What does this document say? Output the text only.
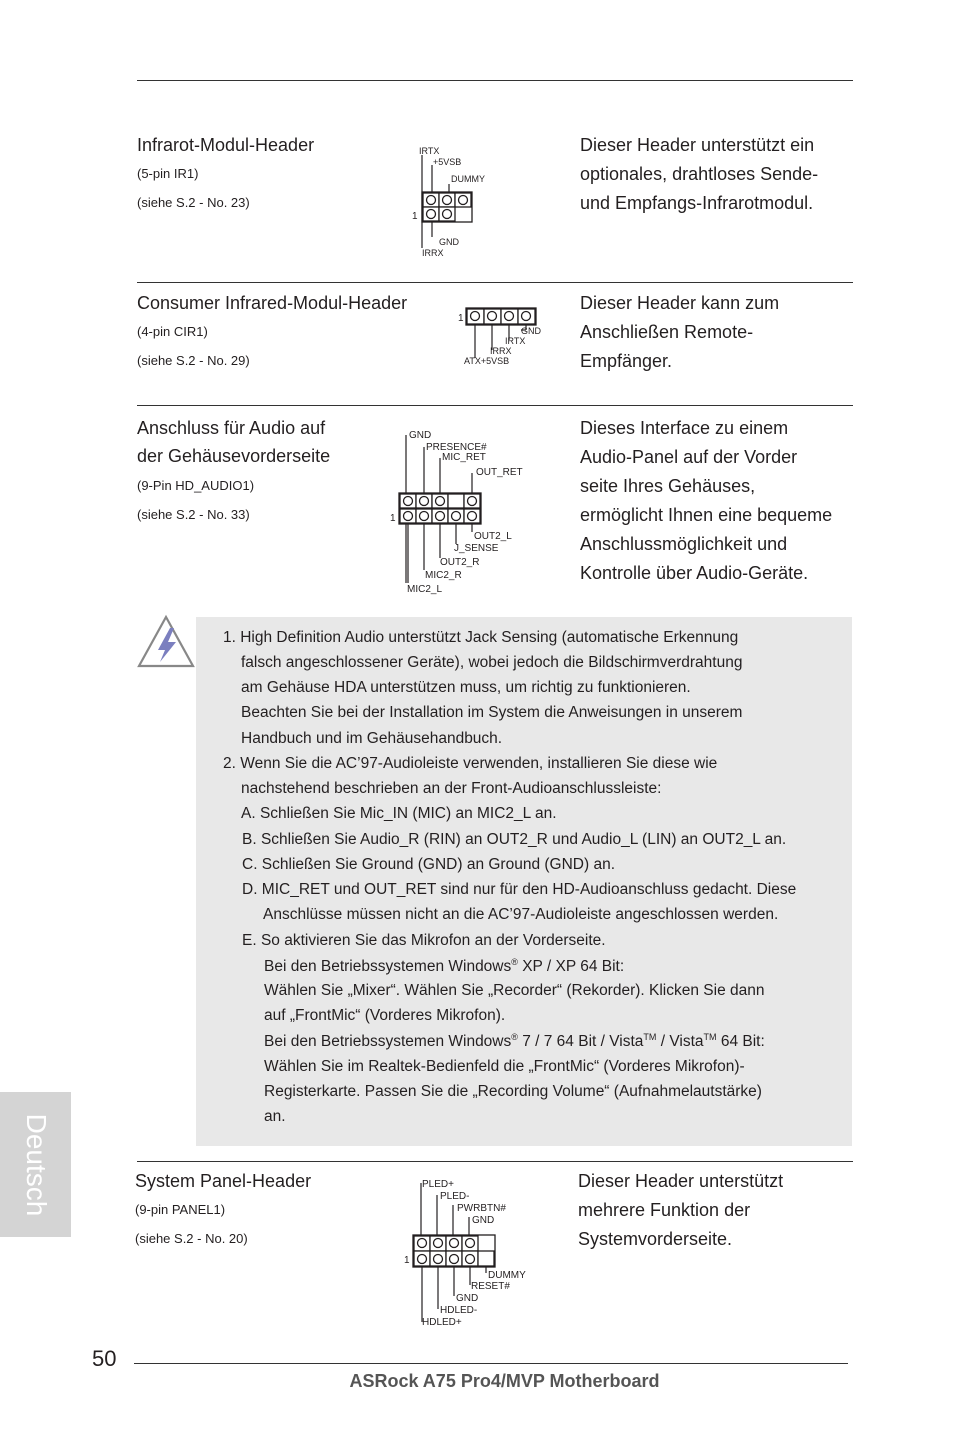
Infrarot-Modul-Header
(5-pin IR1)
(siehe S.2 - No. 23)
IRTX
+5VSB
DUMMY
1
GND
IRRX
Dieser Header unterstützt ein
optionales, drahtloses Sende-
und Empfangs-Infrarotmodul.
Consumer Infrared-Modul-Header
(4-pin CIR1)
(siehe S.2 - No. 29)
1
GND
IRTX
IRRX
ATX+5VSB
Dieser Header kann zum
Anschließen Remote-
Empfänger.
Anschluss für Audio auf
der Gehäusevorderseite
(9-Pin HD_AUDIO1)
(siehe S.2 - No. 33)
GND
PRESENCE#
MIC_RET
OUT_RET
1
OUT2_L
J_SENSE
OUT2_R
MIC2_R
MIC2_L
Dieses Interface zu einem
Audio-Panel auf der Vorder
seite Ihres Gehäuses,
ermöglicht Ihnen eine bequeme
Anschlussmöglichkeit und
Kontrolle über Audio-Geräte.
1. High Definition Audio unterstützt Jack Sensing (automatische Erkennung
falsch angeschlossener Geräte), wobei jedoch die Bildschirmverdrahtung
am Gehäuse HDA unterstützen muss, um richtig zu funktionieren.
Beachten Sie bei der Installation im System die Anweisungen in unserem
Handbuch und im Gehäusehandbuch.
2. Wenn Sie die AC’97-Audioleiste verwenden, installieren Sie diese wie
nachstehend beschrieben an der Front-Audioanschlussleiste:
A. Schließen Sie Mic_IN (MIC) an MIC2_L an.
B. Schließen Sie Audio_R (RIN) an OUT2_R und Audio_L (LIN) an OUT2_L an.
C. Schließen Sie Ground (GND) an Ground (GND) an.
D. MIC_RET und OUT_RET sind nur für den HD-Audioanschluss gedacht. Diese
Anschlüsse müssen nicht an die AC’97-Audioleiste angeschlossen werden.
E. So aktivieren Sie das Mikrofon an der Vorderseite.
Bei den Betriebssystemen Windows® XP / XP 64 Bit:
Wählen Sie „Mixer“. Wählen Sie „Recorder“ (Rekorder). Klicken Sie dann
auf „FrontMic“ (Vorderes Mikrofon).
Bei den Betriebssystemen Windows® 7 / 7 64 Bit / Vista™ / Vista™ 64 Bit:
Wählen Sie im Realtek-Bedienfeld die „FrontMic“ (Vorderes Mikrofon)-
Registerkarte. Passen Sie die „Recording Volume“ (Aufnahmelautstärke)
an.
System Panel-Header
(9-pin PANEL1)
(siehe S.2 - No. 20)
PLED+
PLED-
PWRBTN#
GND
1
DUMMY
RESET#
GND
HDLED-
HDLED+
Dieser Header unterstützt
mehrere Funktion der
Systemvorderseite.
Deutsch
50
ASRock A75 Pro4/MVP Motherboard
